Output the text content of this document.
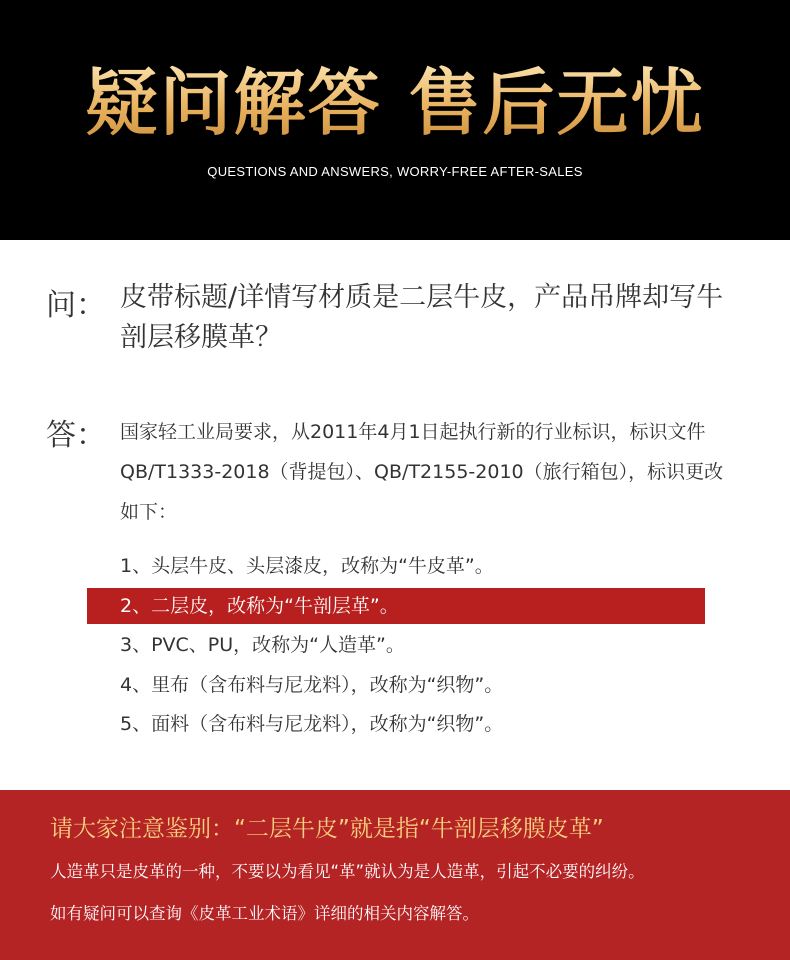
疑问解答 售后无忧
QUESTIONS AND ANSWERS, WORRY-FREE AFTER-SALES
问： 皮带标题/详情写材质是二层牛皮，产品吊牌却写牛剖层移膜革？
答： 国家轻工业局要求，从2011年4月1日起执行新的行业标识，标识文件QB/T1333-2018（背提包）、QB/T2155-2010（旅行箱包），标识更改如下：
1、头层牛皮、头层漆皮，改称为“牛皮革”。
2、二层皮，改称为“牛剖层革”。
3、PVC、PU，改称为“人造革”。
4、里布（含布料与尼龙料），改称为“织物”。
5、面料（含布料与尼龙料），改称为“织物”。
请大家注意鉴别：“二层牛皮”就是指“牛剖层移膜皮革”
人造革只是皮革的一种，不要以为看见“革”就认为是人造革，引起不必要的纠纷。
如有疑问可以查询《皮革工业术语》详细的相关内容解答。
